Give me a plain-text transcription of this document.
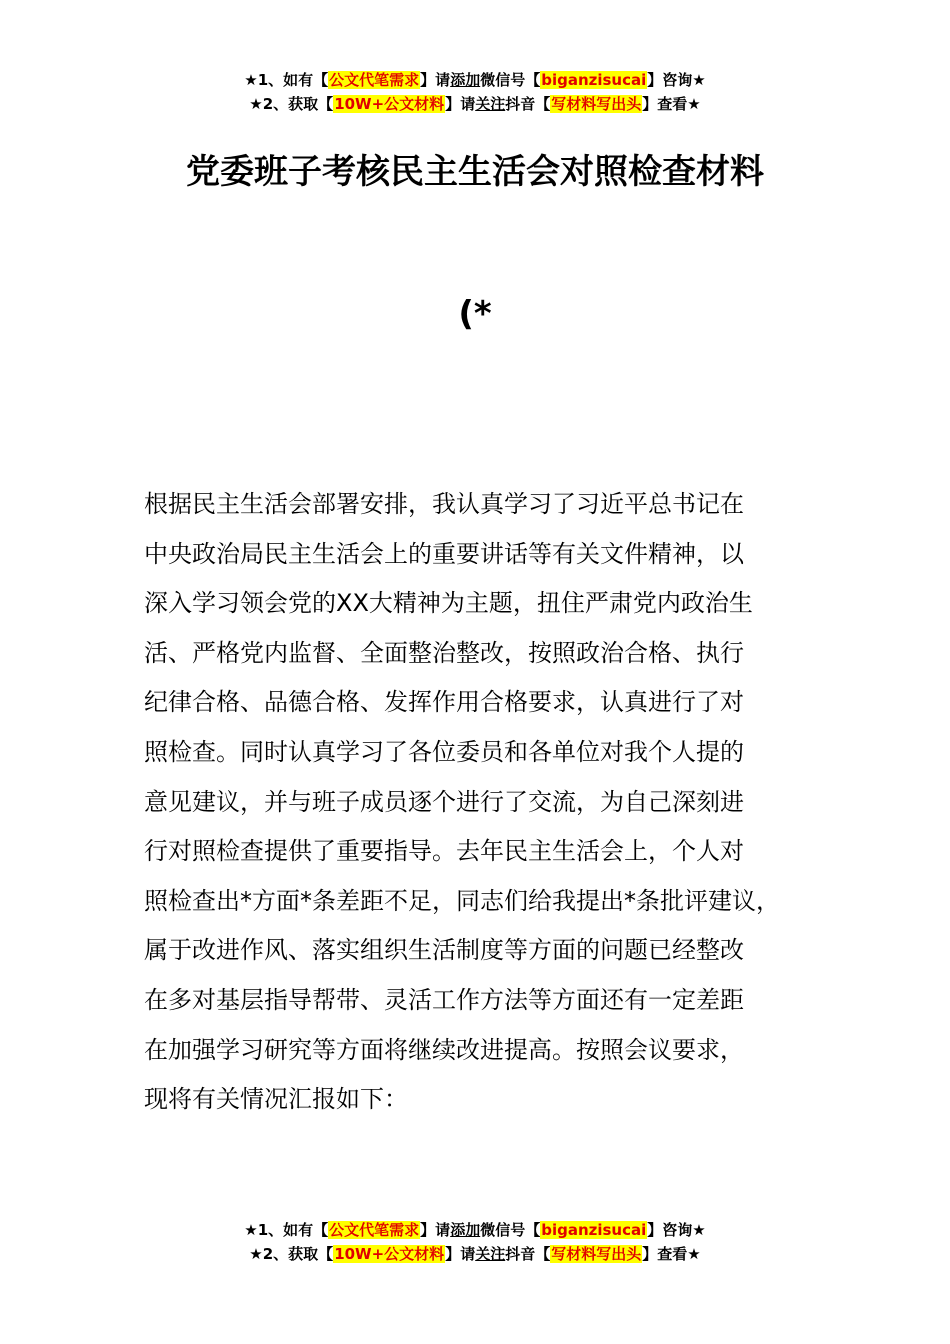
★1、如有【公文代笔需求】请添加微信号【biganzisucai】咨询★
★2、获取【10W+公文材料】请关注抖音【写材料写出头】查看★
党委班子考核民主生活会对照检查材料
(*
根据民主生活会部署安排，我认真学习了习近平总书记在
中央政治局民主生活会上的重要讲话等有关文件精神，以
深入学习领会党的XX大精神为主题，扭住严肃党内政治生
活、严格党内监督、全面整治整改，按照政治合格、执行
纪律合格、品德合格、发挥作用合格要求，认真进行了对
照检查。同时认真学习了各位委员和各单位对我个人提的
意见建议，并与班子成员逐个进行了交流，为自己深刻进
行对照检查提供了重要指导。去年民主生活会上，个人对
照检查出*方面*条差距不足，同志们给我提出*条批评建议，
属于改进作风、落实组织生活制度等方面的问题已经整改
在多对基层指导帮带、灵活工作方法等方面还有一定差距
在加强学习研究等方面将继续改进提高。按照会议要求，
现将有关情况汇报如下：
★1、如有【公文代笔需求】请添加微信号【biganzisucai】咨询★
★2、获取【10W+公文材料】请关注抖音【写材料写出头】查看★
